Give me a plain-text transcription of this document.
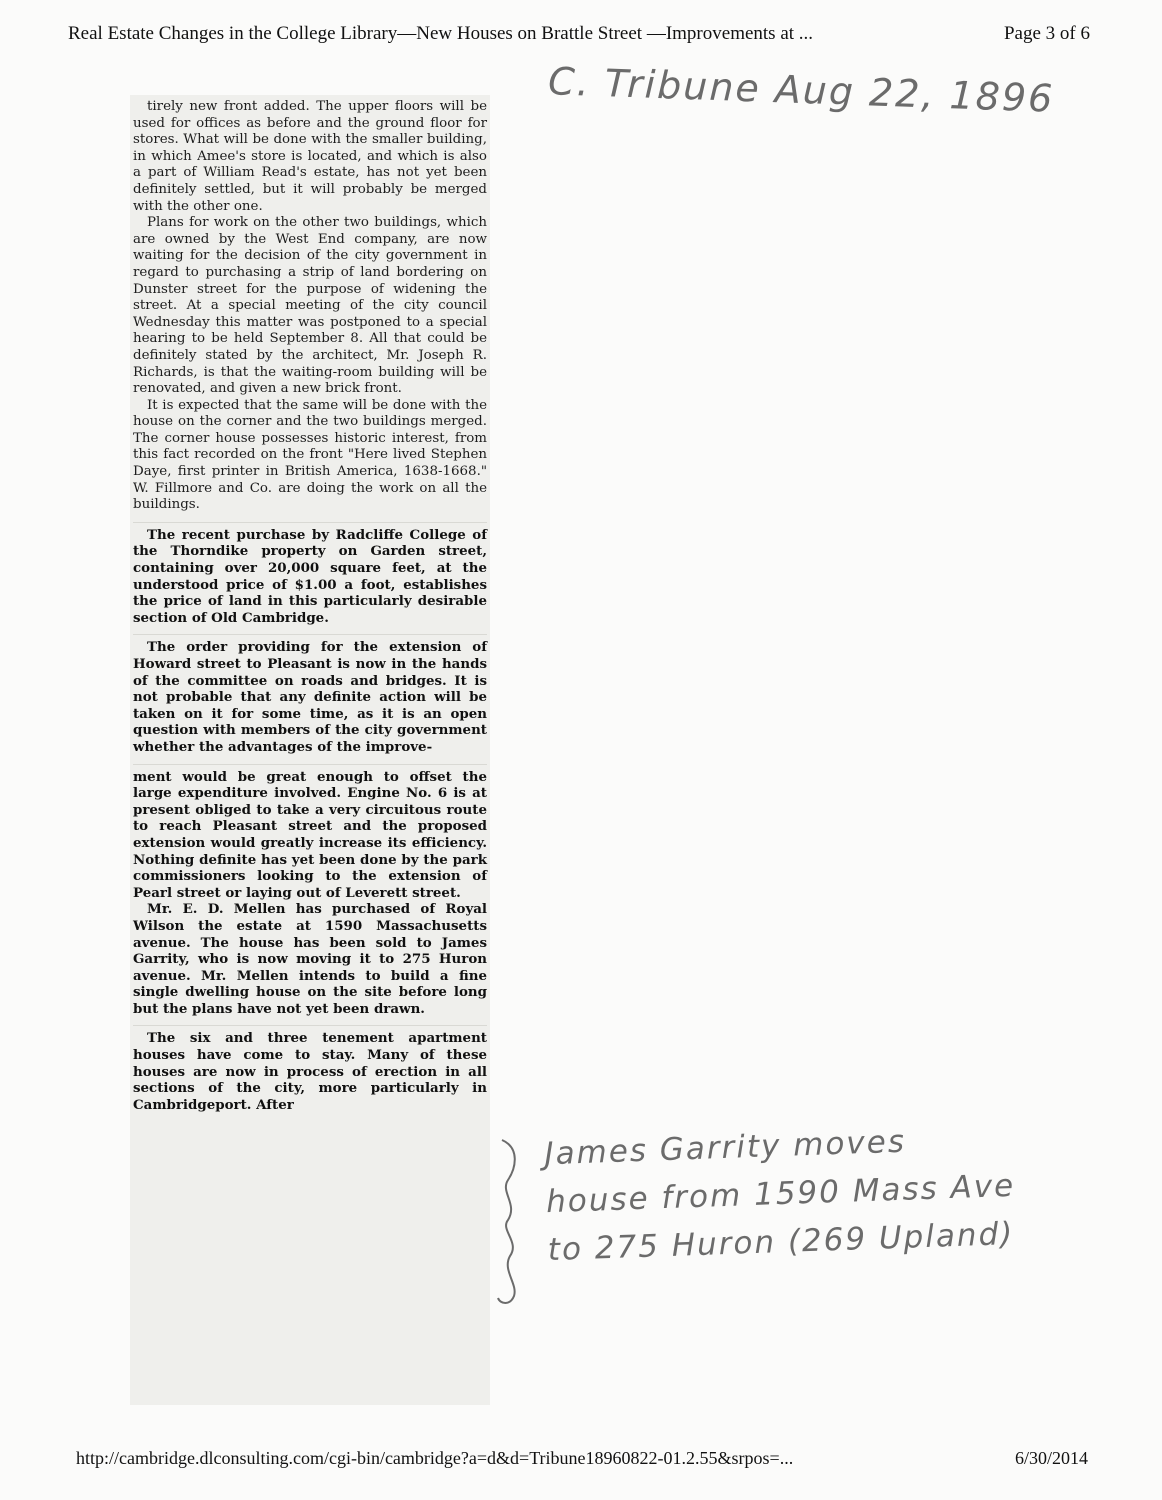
Real Estate Changes in the College Library—New Houses on Brattle Street —Improvements at ...	Page 3 of 6
C. Tribune Aug 22, 1896

tirely new front added. The upper floors will be used for offices as before and the ground floor for stores. What will be done with the smaller building, in which Amee's store is located, and which is also a part of William Read's estate, has not yet been definitely settled, but it will probably be merged with the other one.

Plans for work on the other two buildings, which are owned by the West End company, are now waiting for the decision of the city government in regard to purchasing a strip of land bordering on Dunster street for the purpose of widening the street. At a special meeting of the city council Wednesday this matter was postponed to a special hearing to be held September 8. All that could be definitely stated by the architect, Mr. Joseph R. Richards, is that the waiting-room building will be renovated, and given a new brick front.

It is expected that the same will be done with the house on the corner and the two buildings merged. The corner house possesses historic interest, from this fact recorded on the front "Here lived Stephen Daye, first printer in British America, 1638-1668." W. Fillmore and Co. are doing the work on all the buildings.

The recent purchase by Radcliffe College of the Thorndike property on Garden street, containing over 20,000 square feet, at the understood price of $1.00 a foot, establishes the price of land in this particularly desirable section of Old Cambridge.

The order providing for the extension of Howard street to Pleasant is now in the hands of the committee on roads and bridges. It is not probable that any definite action will be taken on it for some time, as it is an open question with members of the city government whether the advantages of the improve-

ment would be great enough to offset the large expenditure involved. Engine No. 6 is at present obliged to take a very circuitous route to reach Pleasant street and the proposed extension would greatly increase its efficiency. Nothing definite has yet been done by the park commissioners looking to the extension of Pearl street or laying out of Leverett street.

Mr. E. D. Mellen has purchased of Royal Wilson the estate at 1590 Massachusetts avenue. The house has been sold to James Garrity, who is now moving it to 275 Huron avenue. Mr. Mellen intends to build a fine single dwelling house on the site before long but the plans have not yet been drawn.

The six and three tenement apartment houses have come to stay. Many of these houses are now in process of erection in all sections of the city, more particularly in Cambridgeport. After

James Garrity moves
house from 1590 Mass Ave
to 275 Huron (269 Upland)
http://cambridge.dlconsulting.com/cgi-bin/cambridge?a=d&d=Tribune18960822-01.2.55&srpos=...	6/30/2014
